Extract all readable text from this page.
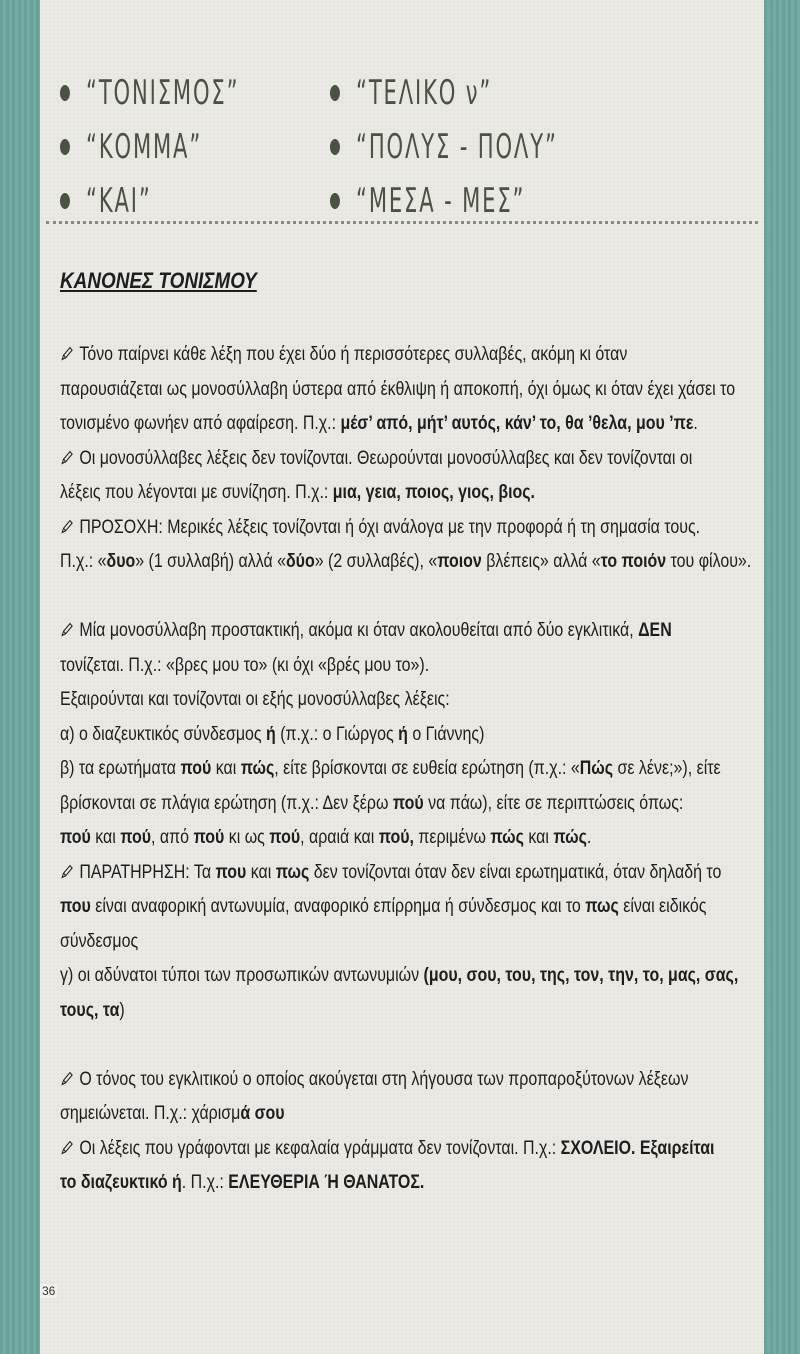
“ΤΟΝΙΣΜΟΣ”
“ΚΟΜΜΑ”
“ΚΑΙ”
“ΤΕΛΙΚΟ ν”
“ΠΟΛΥΣ - ΠΟΛΥ”
“ΜΕΣΑ - ΜΕΣ”
ΚΑΝΟΝΕΣ ΤΟΝΙΣΜΟΥ

Τόνο παίρνει κάθε λέξη που έχει δύο ή περισσότερες συλλαβές, ακόμη κι όταν

παρουσιάζεται ως μονοσύλλαβη ύστερα από έκθλιψη ή αποκοπή, όχι όμως κι όταν έχει χάσει το

τονισμένο φωνήεν από αφαίρεση. Π.χ.: μέσ’ από, μήτ’ αυτός, κάν’ το, θα ’θελα, μου ’πε.

Οι μονοσύλλαβες λέξεις δεν τονίζονται. Θεωρούνται μονοσύλλαβες και δεν τονίζονται οι

λέξεις που λέγονται με συνίζηση. Π.χ.: μια, γεια, ποιος, γιος, βιος.

ΠΡΟΣΟΧΗ: Μερικές λέξεις τονίζονται ή όχι ανάλογα με την προφορά ή τη σημασία τους.

Π.χ.: «δυο» (1 συλλαβή) αλλά «δύο» (2 συλλαβές), «ποιον βλέπεις» αλλά «το ποιόν του φίλου».

Μία μονοσύλλαβη προστακτική, ακόμα κι όταν ακολουθείται από δύο εγκλιτικά, ΔΕΝ

τονίζεται. Π.χ.: «βρες μου το» (κι όχι «βρές μου το»).

Εξαιρούνται και τονίζονται οι εξής μονοσύλλαβες λέξεις:

α) ο διαζευκτικός σύνδεσμος ή (π.χ.: ο Γιώργος ή ο Γιάννης)

β) τα ερωτήματα πού και πώς, είτε βρίσκονται σε ευθεία ερώτηση (π.χ.: «Πώς σε λένε;»), είτε

βρίσκονται σε πλάγια ερώτηση (π.χ.: Δεν ξέρω πού να πάω), είτε σε περιπτώσεις όπως:

πού και πού, από πού κι ως πού, αραιά και πού, περιμένω πώς και πώς.

ΠΑΡΑΤΗΡΗΣΗ: Τα που και πως δεν τονίζονται όταν δεν είναι ερωτηματικά, όταν δηλαδή το

που είναι αναφορική αντωνυμία, αναφορικό επίρρημα ή σύνδεσμος και το πως είναι ειδικός

σύνδεσμος

γ) οι αδύνατοι τύποι των προσωπικών αντωνυμιών (μου, σου, του, της, τον, την, το, μας, σας,

τους, τα)

Ο τόνος του εγκλιτικού ο οποίος ακούγεται στη λήγουσα των προπαροξύτονων λέξεων

σημειώνεται. Π.χ.: χάρισμά σου

Οι λέξεις που γράφονται με κεφαλαία γράμματα δεν τονίζονται. Π.χ.: ΣΧΟΛΕΙΟ. Εξαιρείται

το διαζευκτικό ή. Π.χ.: ΕΛΕΥΘΕΡΙΑ Ή ΘΑΝΑΤΟΣ.

36
